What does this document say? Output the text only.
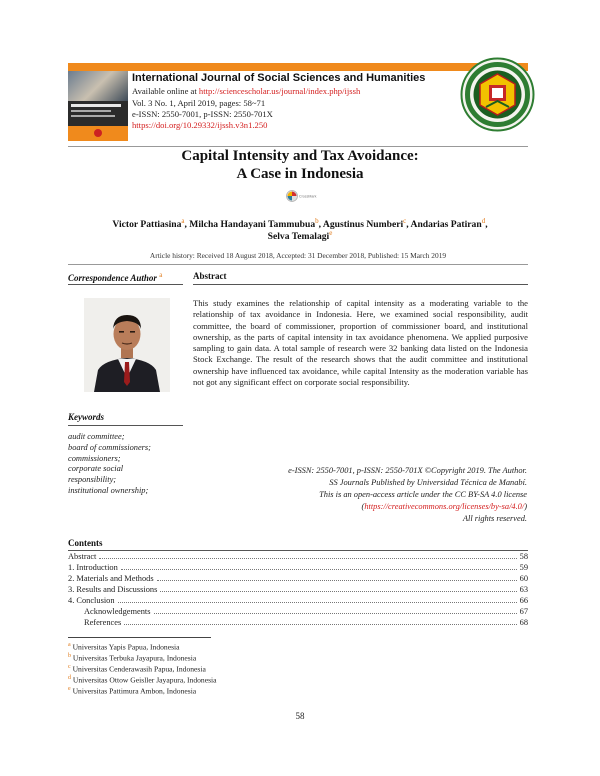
International Journal of Social Sciences and Humanities
Available online at http://sciencescholar.us/journal/index.php/ijssh
Vol. 3 No. 1, April 2019, pages: 58~71
e-ISSN: 2550-7001, p-ISSN: 2550-701X
https://doi.org/10.29332/ijssh.v3n1.250
Capital Intensity and Tax Avoidance:
A Case in Indonesia
CrossMark
Victor Pattiasina$^a$, Milcha Handayani Tammubua$^b$, Agustinus Numberi$^c$, Andarias Patiran$^d$,
Selva Temalagi$^e$
Article history: Received 18 August 2018, Accepted: 31 December 2018, Published: 15 March 2019
Correspondence Author $^a$
Keywords
audit committee;
board of commissioners;
commissioners;
corporate social
responsibility;
institutional ownership;
Abstract
This study examines the relationship of capital intensity as a moderating variable to the relationship of tax avoidance in Indonesia. Here, we examined social responsibility, audit committee, the board of commissioner, proportion of commissioner board, and institutional ownership, as the parts of capital intensity in tax avoidance phenomena. We applied purposive sampling to gain data. A total sample of research were 32 banking data listed on the Indonesia Stock Exchange. The result of the research shows that the audit committee and institutional ownership have influenced tax avoidance, while capital Intensity as the moderation variable has not got any significant effect on corporate social responsibility.
e-ISSN: 2550-7001, p-ISSN: 2550-701X ©Copyright 2019. The Author.
SS Journals Published by Universidad Técnica de Manabí.
This is an open-access article under the CC BY-SA 4.0 license
(https://creativecommons.org/licenses/by-sa/4.0/)
All rights reserved.
Contents
Abstract	58
1. Introduction	59
2. Materials and Methods	60
3. Results and Discussions	63
4. Conclusion	66
Acknowledgements	67
References	68
$^a$ Universitas Yapis Papua, Indonesia
$^b$ Universitas Terbuka Jayapura, Indonesia
$^c$ Universitas Cenderawasih Papua, Indonesia
$^d$ Universitas Ottow Geisller Jayapura, Indonesia
$^e$ Universitas Pattimura Ambon, Indonesia
58
